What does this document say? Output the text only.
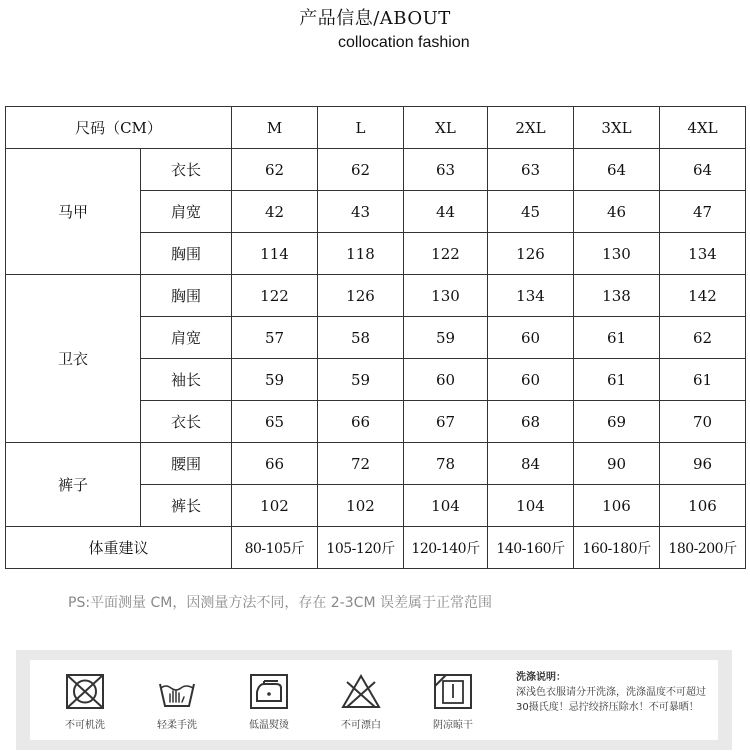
产品信息/ABOUT
collocation fashion
尺码（CM）		M	L	XL	2XL	3XL	4XL
马甲	衣长	62	62	63	63	64	64
	肩宽	42	43	44	45	46	47
	胸围	114	118	122	126	130	134
卫衣	胸围	122	126	130	134	138	142
	肩宽	57	58	59	60	61	62
	袖长	59	59	60	60	61	61
	衣长	65	66	67	68	69	70
裤子	腰围	66	72	78	84	90	96
	裤长	102	102	104	104	106	106
体重建议		80-105斤	105-120斤	120-140斤	140-160斤	160-180斤	180-200斤
PS:平面测量 CM，因测量方法不同，存在 2-3CM 误差属于正常范围
不可机洗	轻柔手洗	低温熨烫	不可漂白	阴凉晾干
洗涤说明：
深浅色衣服请分开洗涤，洗涤温度不可超过30摄氏度！忌拧绞挤压除水！不可暴晒！
